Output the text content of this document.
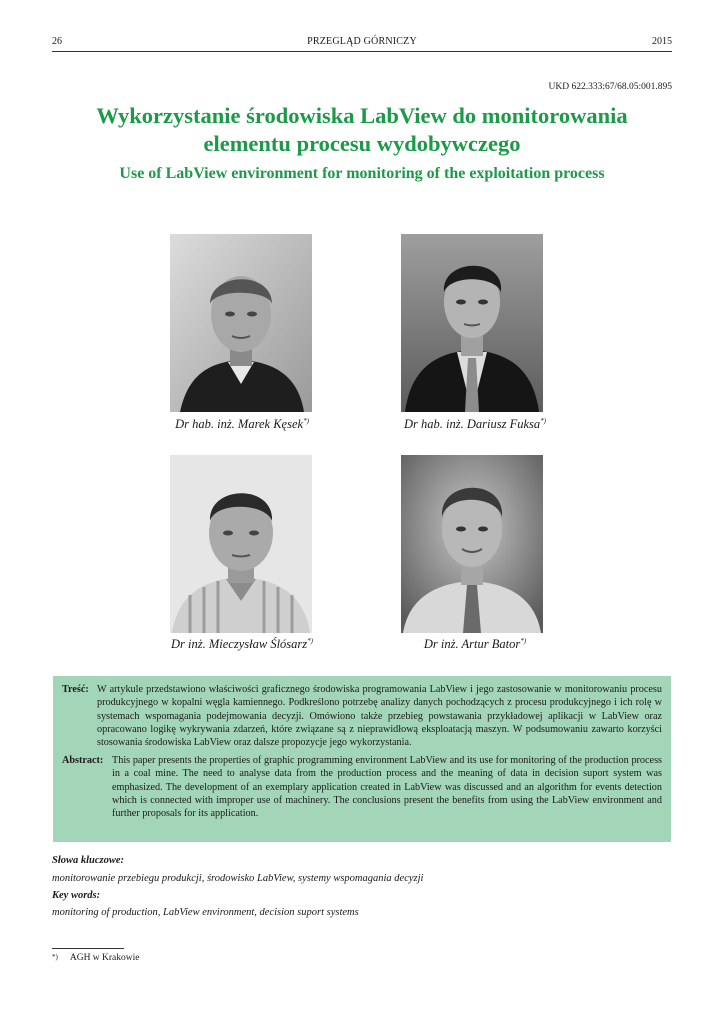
26	PRZEGLĄD GÓRNICZY	2015
UKD 622.333:67/68.05:001.895
Wykorzystanie środowiska LabView do monitorowania elementu procesu wydobywczego
Use of LabView environment for monitoring of the exploitation process
Dr hab. inż. Marek Kęsek*)	Dr hab. inż. Dariusz Fuksa*)
Dr inż. Mieczysław Ślósarz*)	Dr inż. Artur Bator*)
Treść: W artykule przedstawiono właściwości graficznego środowiska programowania LabView i jego zastosowanie w monitorowaniu procesu produkcyjnego w kopalni węgla kamiennego. Podkreślono potrzebę analizy danych pochodzących z procesu produkcyjnego i ich rolę w systemach wspomagania podejmowania decyzji. Omówiono także przebieg powstawania przykładowej aplikacji w LabView oraz opracowano logikę wykrywania zdarzeń, które związane są z nieprawidłową eksploatacją maszyn. W podsumowaniu zawarto korzyści stosowania środowiska LabView oraz dalsze propozycje jego wykorzystania.
Abstract: This paper presents the properties of graphic programming environment LabView and its use for monitoring of the production process in a coal mine. The need to analyse data from the production process and the meaning of data in decision suport system was emphasized. The development of an exemplary application created in LabView was discussed and an algorithm for events detection which is connected with improper use of machinery. The conclusions present the benefits from using the LabView environment and further proposals for its application.
Słowa kluczowe:
monitorowanie przebiegu produkcji, środowisko LabView, systemy wspomagania decyzji
Key words:
monitoring of production, LabView environment, decision suport systems
*) AGH w Krakowie
